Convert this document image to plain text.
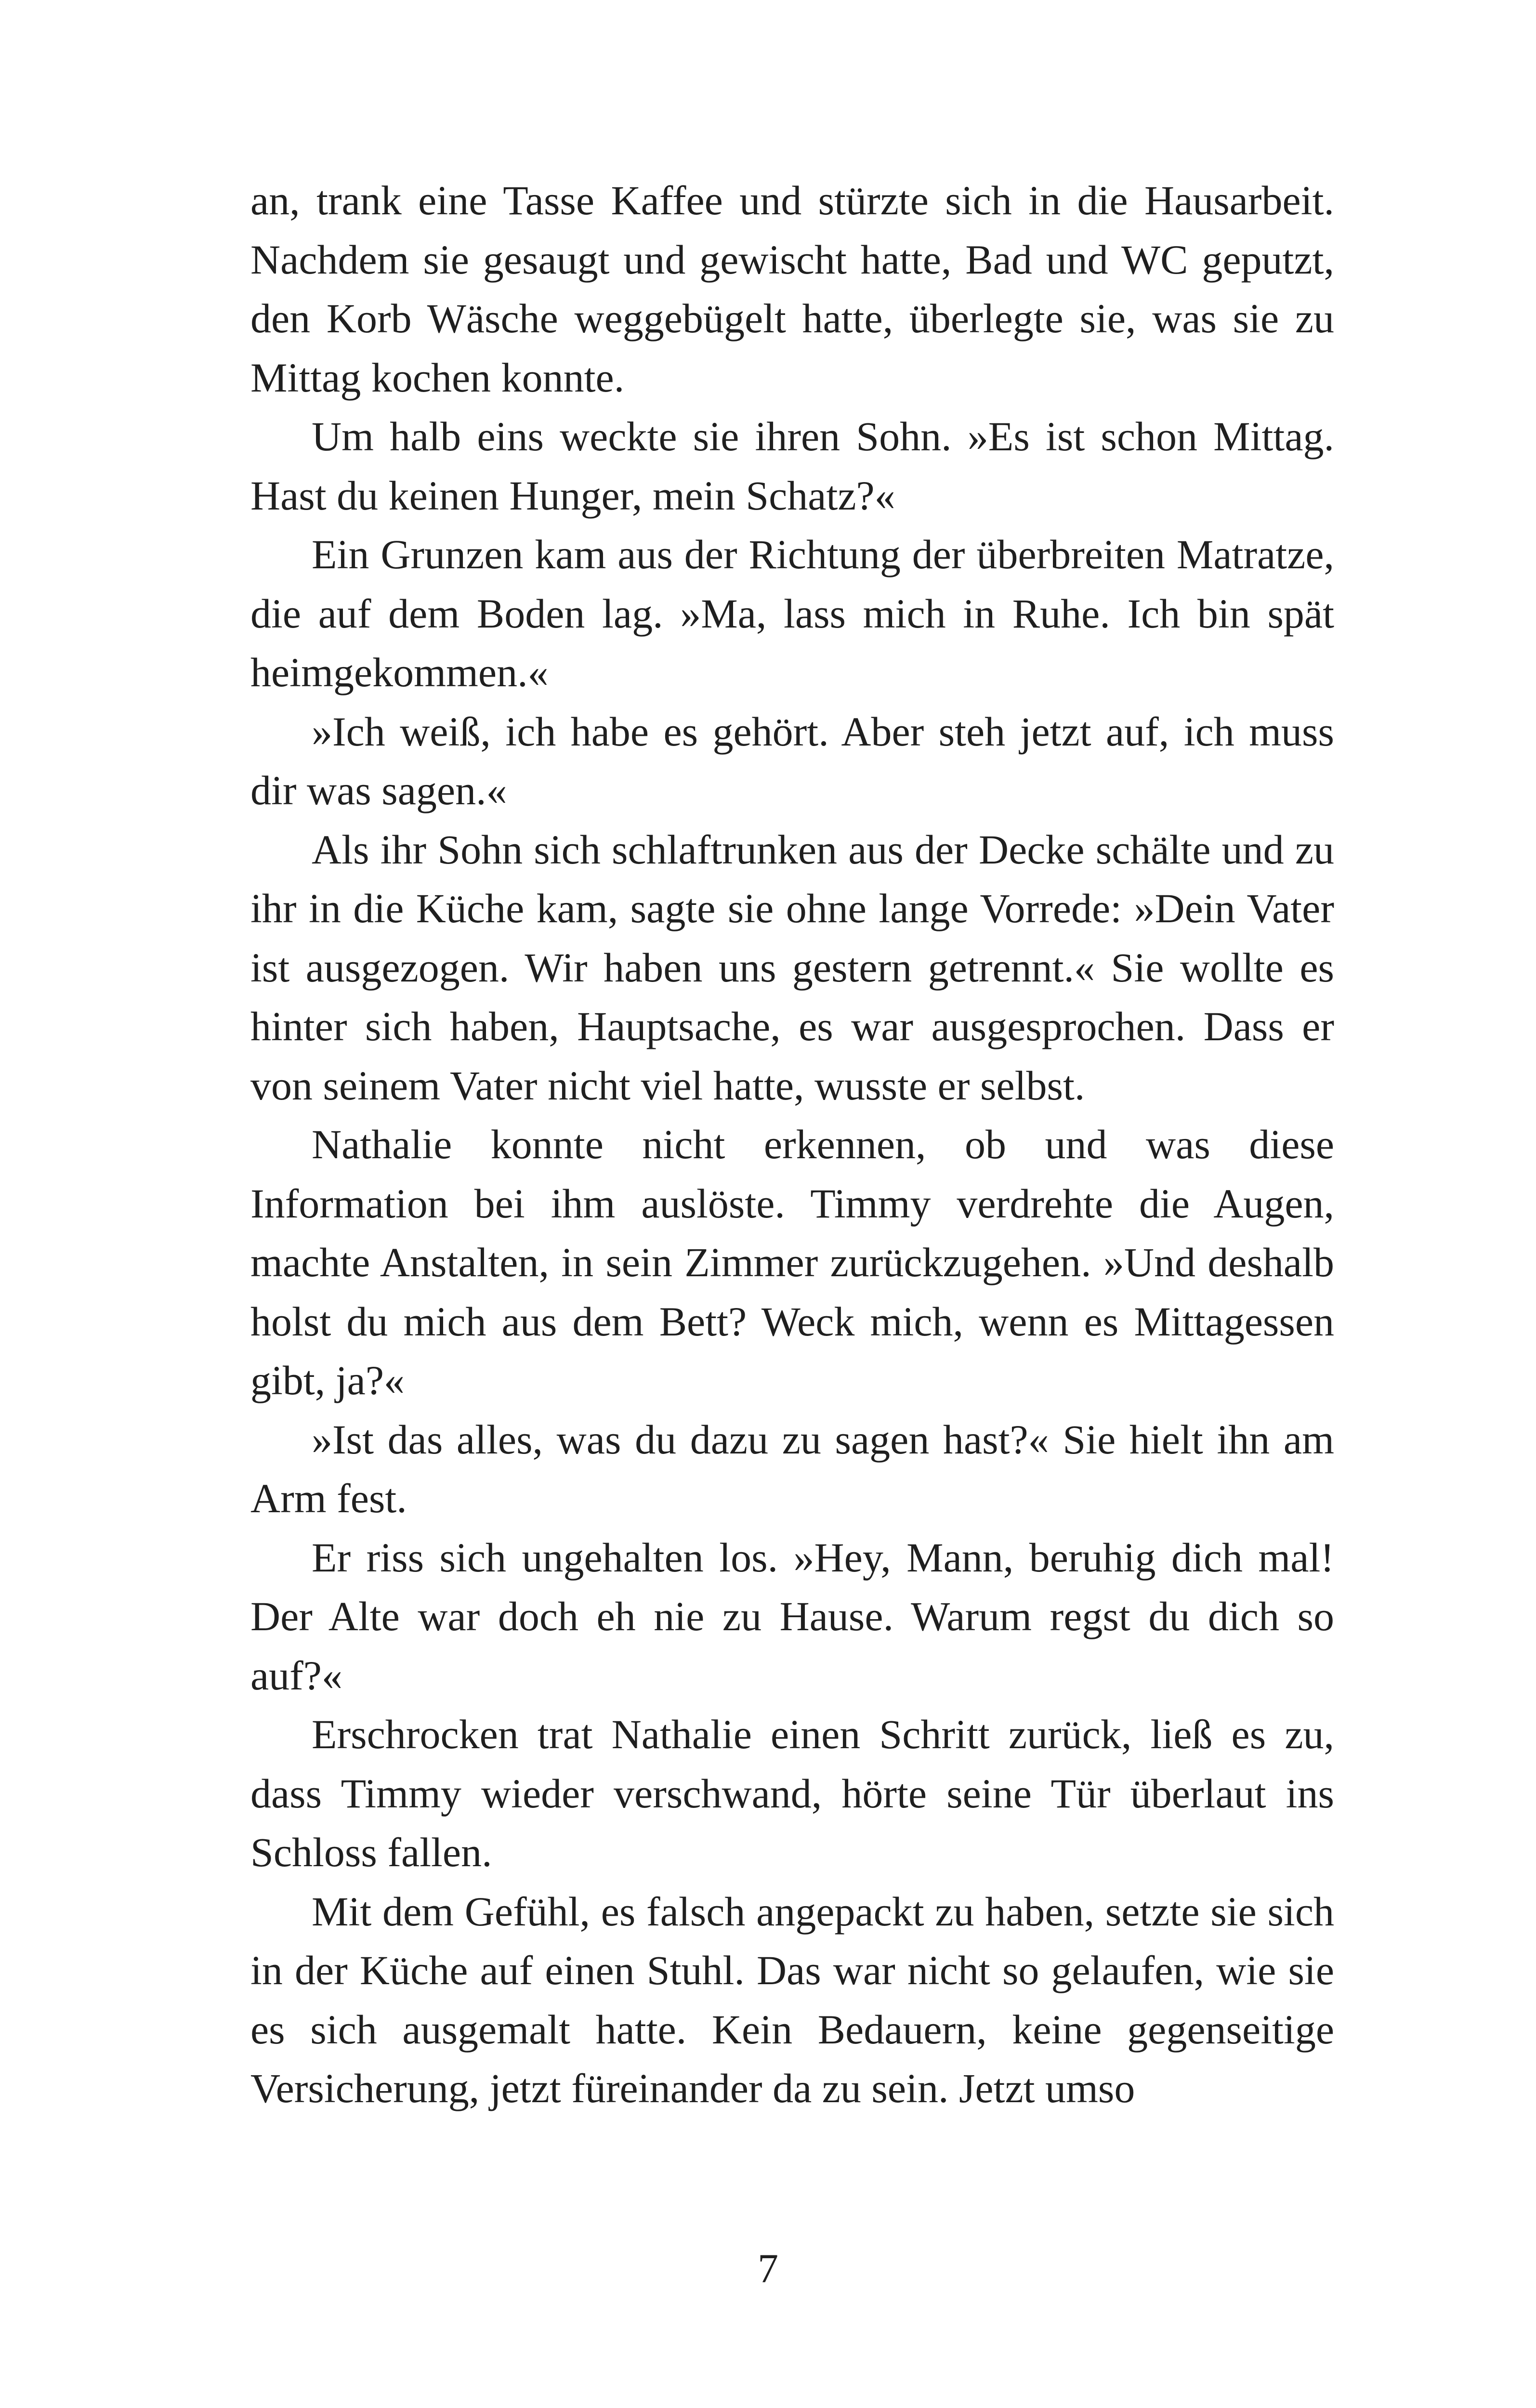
an, trank eine Tasse Kaffee und stürzte sich in die Hausarbeit. Nachdem sie gesaugt und gewischt hatte, Bad und WC geputzt, den Korb Wäsche weggebügelt hatte, überlegte sie, was sie zu Mittag kochen konnte.

Um halb eins weckte sie ihren Sohn. »Es ist schon Mittag. Hast du keinen Hunger, mein Schatz?«

Ein Grunzen kam aus der Richtung der überbreiten Matratze, die auf dem Boden lag. »Ma, lass mich in Ruhe. Ich bin spät heimgekommen.«

»Ich weiß, ich habe es gehört. Aber steh jetzt auf, ich muss dir was sagen.«

Als ihr Sohn sich schlaftrunken aus der Decke schälte und zu ihr in die Küche kam, sagte sie ohne lange Vorrede: »Dein Vater ist ausgezogen. Wir haben uns gestern getrennt.« Sie wollte es hinter sich haben, Hauptsache, es war ausgesprochen. Dass er von seinem Vater nicht viel hatte, wusste er selbst.

Nathalie konnte nicht erkennen, ob und was diese Information bei ihm auslöste. Timmy verdrehte die Augen, machte Anstalten, in sein Zimmer zurückzugehen. »Und deshalb holst du mich aus dem Bett? Weck mich, wenn es Mittagessen gibt, ja?«

»Ist das alles, was du dazu zu sagen hast?« Sie hielt ihn am Arm fest.

Er riss sich ungehalten los. »Hey, Mann, beruhig dich mal! Der Alte war doch eh nie zu Hause. Warum regst du dich so auf?«

Erschrocken trat Nathalie einen Schritt zurück, ließ es zu, dass Timmy wieder verschwand, hörte seine Tür überlaut ins Schloss fallen.

Mit dem Gefühl, es falsch angepackt zu haben, setzte sie sich in der Küche auf einen Stuhl. Das war nicht so gelaufen, wie sie es sich ausgemalt hatte. Kein Bedauern, keine gegenseitige Versicherung, jetzt füreinander da zu sein. Jetzt umso

7
